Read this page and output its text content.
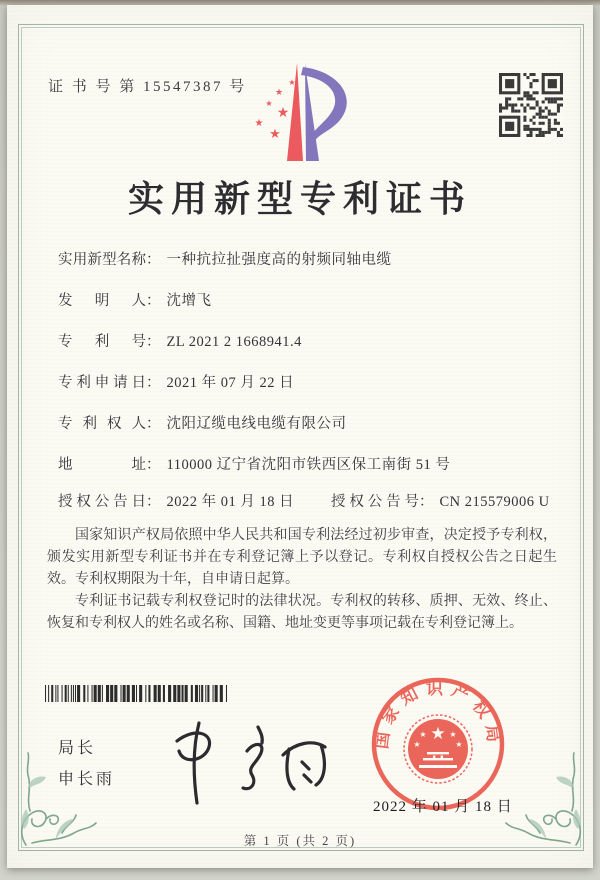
证 书 号 第 15547387 号	★
★
★
★
★
★
实用新型专利证书
实用新型名称： 一种抗拉扯强度高的射频同轴电缆
发明人： 沈增飞
专利号： ZL 2021 2 1668941.4
专利申请日： 2021 年 07 月 22 日
专利权人： 沈阳辽缆电线电缆有限公司
地址： 110000 辽宁省沈阳市铁西区保工南街 51 号
授权公告日： 2022 年 01 月 18 日	授权公告号： CN 215579006 U

国家知识产权局依照中华人民共和国专利法经过初步审查，决定授予专利权，颁发实用新型专利证书并在专利登记簿上予以登记。专利权自授权公告之日起生效。专利权期限为十年，自申请日起算。

专利证书记载专利权登记时的法律状况。专利权的转移、质押、无效、终止、恢复和专利权人的姓名或名称、国籍、地址变更等事项记载在专利登记簿上。

局长
申长雨
国家知识产权局
★
★	★
★	★
2022 年 01 月 18 日
第 1 页 (共 2 页)
